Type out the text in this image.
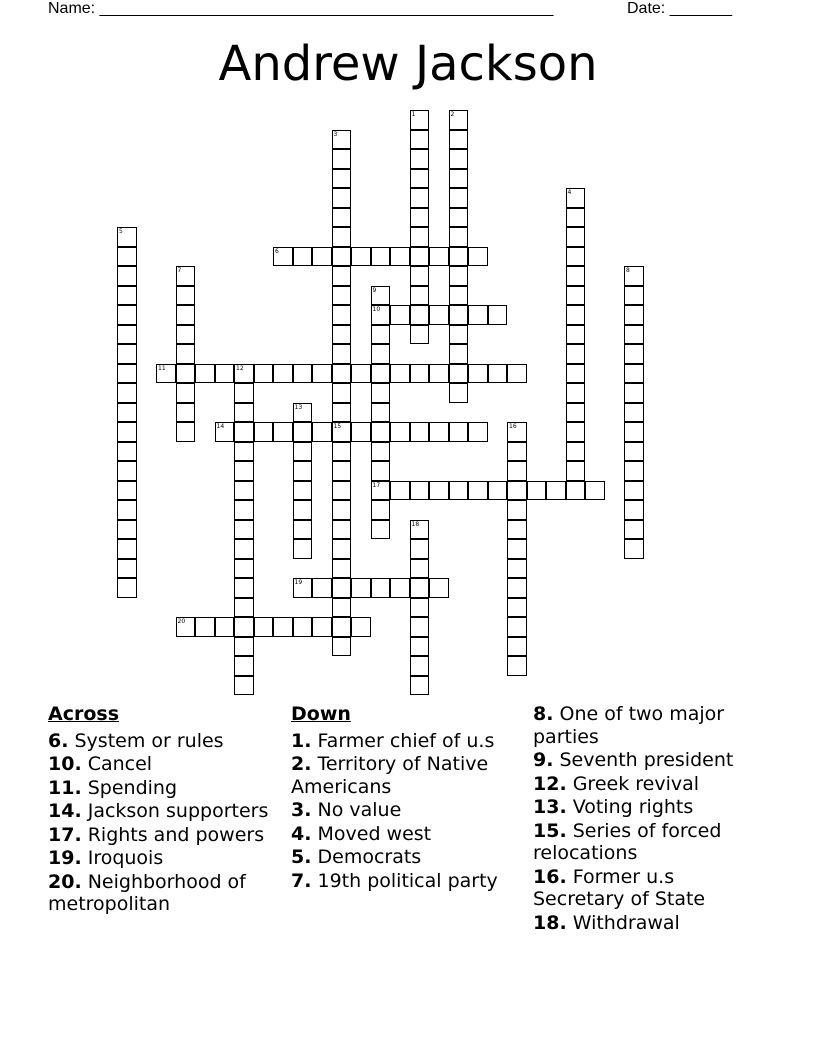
Name: ___________________________________________________	Date: _______
Andrew Jackson
1	2
3
15
4
5
6
7	8
9
10
17
11	12
13
14	16
18
19
20
Across
6. System or rules
10. Cancel
11. Spending
14. Jackson supporters
17. Rights and powers
19. Iroquois
20. Neighborhood of metropolitan
Down
1. Farmer chief of u.s
2. Territory of Native Americans
3. No value
4. Moved west
5. Democrats
7. 19th political party
8. One of two major parties
9. Seventh president
12. Greek revival
13. Voting rights
15. Series of forced relocations
16. Former u.s Secretary of State
18. Withdrawal
